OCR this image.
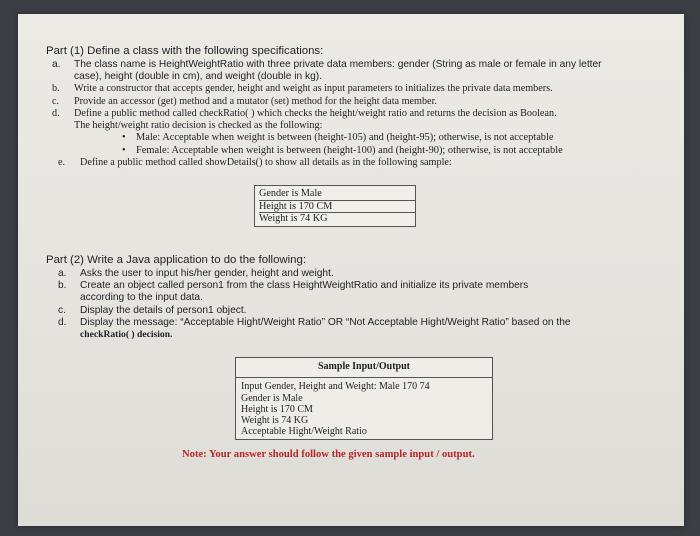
Part (1) Define a class with the following specifications:
a.	The class name is HeightWeightRatio with three private data members: gender (String as male or female in any letter
case), height (double in cm), and weight (double in kg).
b.	Write a constructor that accepts gender, height and weight as input parameters to initializes the private data members.
c.	Provide an accessor (get) method and a mutator (set) method for the height data member.
d.	Define a public method called checkRatio( ) which checks the height/weight ratio and returns the decision as Boolean.
The height/weight ratio decision is checked as the following:
• Male: Acceptable when weight is between (height-105) and (height-95); otherwise, is not acceptable
• Female: Acceptable when weight is between (height-100) and (height-90); otherwise, is not acceptable
e.	Define a public method called showDetails() to show all details as in the following sample:
Gender is Male
Height is 170 CM
Weight is 74 KG
Part (2) Write a Java application to do the following:
a.	Asks the user to input his/her gender, height and weight.
b.	Create an object called person1 from the class HeightWeightRatio and initialize its private members
according to the input data.
c.	Display the details of person1 object.
d.	Display the message: “Acceptable Hight/Weight Ratio” OR “Not Acceptable Hight/Weight Ratio” based on the
checkRatio( ) decision.
Sample Input/Output
Input Gender, Height and Weight: Male 170 74
Gender is Male
Height is 170 CM
Weight is 74 KG
Acceptable Hight/Weight Ratio
Note: Your answer should follow the given sample input / output.
